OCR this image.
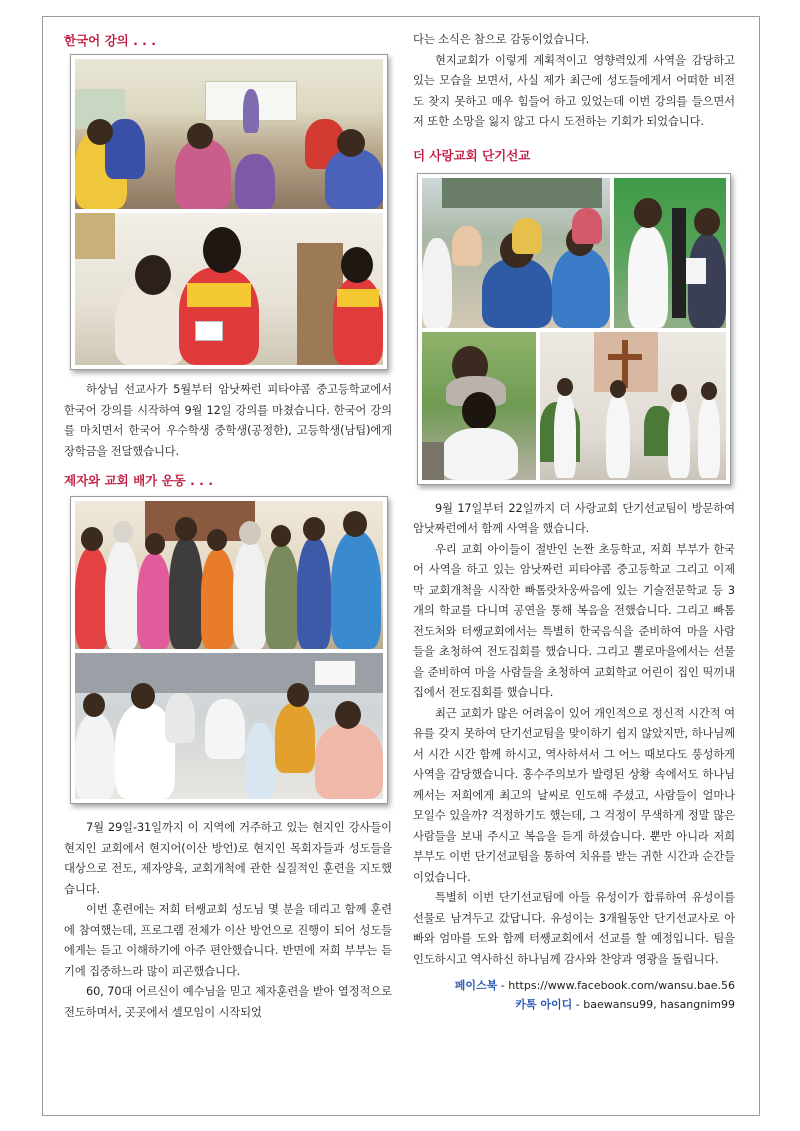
한국어 강의 . . .

하상님 선교사가 5월부터 암낫짜런 피타야콤 중고등학교에서 한국어 강의를 시작하여 9월 12일 강의를 마쳤습니다. 한국어 강의를 마치면서 한국어 우수학생 중학생(공정한), 고등학생(남팁)에게 장학금을 전달했습니다.

제자와 교회 배가 운동 . . .

7월 29일-31일까지 이 지역에 거주하고 있는 현지인 강사들이 현지인 교회에서 현지어(이산 방언)로 현지인 목회자들과 성도들을 대상으로 전도, 제자양육, 교회개척에 관한 실질적인 훈련을 지도했습니다.

이번 훈련에는 저희 터쌩교회 성도님 몇 분을 데리고 함께 훈련에 참여했는데, 프로그램 전체가 이산 방언으로 진행이 되어 성도들에게는 듣고 이해하기에 아주 편안했습니다. 반면에 저희 부부는 듣기에 집중하느라 많이 피곤했습니다.

60, 70대 어르신이 예수님을 믿고 제자훈련을 받아 열정적으로 전도하며서, 곳곳에서 셀모임이 시작되었

다는 소식은 참으로 감동이었습니다.

현지교회가 이렇게 계획적이고 영향력있게 사역을 감당하고 있는 모습을 보면서, 사실 제가 최근에 성도들에게서 어떠한 비전도 찾지 못하고 매우 힘들어 하고 있었는데 이번 강의를 들으면서 저 또한 소망을 잃지 않고 다시 도전하는 기회가 되었습니다.

더 사랑교회 단기선교

9월 17일부터 22일까지 더 사랑교회 단기선교팀이 방문하여 암낫짜런에서 함께 사역을 했습니다.

우리 교회 아이들이 절반인 논짠 초등학교, 저희 부부가 한국어 사역을 하고 있는 암낫짜런 피타야콤 중고등학교 그리고 이제 막 교회개척을 시작한 빠톰랏차웅싸음에 있는 기술전문학교 등 3개의 학교를 다니며 공연을 통해 복음을 전했습니다. 그리고 빠톰전도처와 터쌩교회에서는 특별히 한국음식을 준비하여 마을 사람들을 초청하여 전도집회를 했습니다. 그리고 뽈로마을에서는 선물을 준비하여 마을 사람들을 초청하여 교회학교 어린이 집인 띡끼내 집에서 전도집회를 했습니다.

최근 교회가 많은 어려움이 있어 개인적으로 정신적 시간적 여유를 갖지 못하여 단기선교팀을 맞이하기 쉽지 않았지만, 하나님께서 시간 시간 함께 하시고, 역사하셔서 그 어느 때보다도 풍성하게 사역을 감당했습니다. 홍수주의보가 발령된 상황 속에서도 하나님께서는 저희에게 최고의 날씨로 인도해 주셨고, 사람들이 얼마나 모일수 있을까? 걱정하기도 했는데, 그 걱정이 무색하게 정말 많은 사람들을 보내 주시고 복음을 듣게 하셨습니다. 뿐만 아니라 저희 부부도 이번 단기선교팀을 통하여 치유를 받는 귀한 시간과 순간들이었습니다.

특별히 이번 단기선교팀에 아들 유성이가 합류하여 유성이를 선물로 남겨두고 갔답니다. 유성이는 3개월동안 단기선교사로 아빠와 엄마를 도와 함께 터쌩교회에서 선교를 할 예정입니다. 팀을 인도하시고 역사하신 하나님께 감사와 찬양과 영광을 돌립니다.

페이스북 - https://www.facebook.com/wansu.bae.56

카톡 아이디 - baewansu99, hasangnim99
